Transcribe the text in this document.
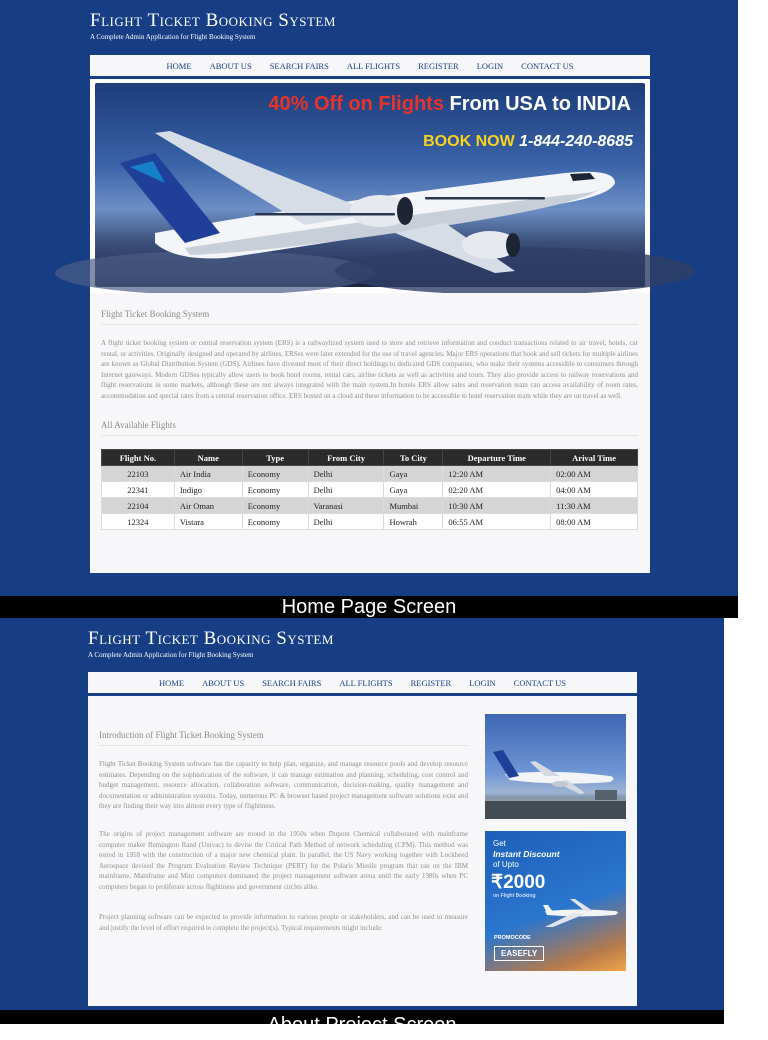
Flight Ticket Booking System
A Complete Admin Application for Flight Booking System
HOME ABOUT US SEARCH FAIRS ALL FLIGHTS REGISTER LOGIN CONTACT US
40% Off on Flights From USA to INDIA
BOOK NOW 1-844-240-8685
Flight Ticket Booking System
A flight ticket booking system or central reservation system (ERS) is a railwaylized system used to store and retrieve information and conduct transactions related to air travel, hotels, car rental, or activities. Originally designed and operated by airlines, ERSes were later extended for the use of travel agencies. Major ERS operations that book and sell tickets for multiple airlines are known as Global Distribution System (GDS). Airlines have divested most of their direct holdings to dedicated GDS companies, who make their systems accessible to consumers through Internet gateways. Modern GDSes typically allow users to book hotel rooms, rental cars, airline tickets as well as activities and tours. They also provide access to railway reservations and flight reservations in some markets, although these are not always integrated with the main system.In hotels ERS allow sales and reservation team can access availability of room rates, accommodation and special rates from a central reservation office. ERS hosted on a cloud aid these information to be accessible to hotel reservation team while they are on travel as well.
All Available Flights
Flight No.	Name	Type	From City	To City	Departure Time	Arival Time
22103	Air India	Economy	Delhi	Gaya	12:20 AM	02:00 AM
22341	Indigo	Economy	Delhi	Gaya	02:20 AM	04:00 AM
22104	Air Oman	Economy	Varanasi	Mumbai	10:30 AM	11:30 AM
12324	Vistara	Economy	Delhi	Howrah	06:55 AM	08:00 AM
Home Page Screen
Flight Ticket Booking System
A Complete Admin Application for Flight Booking System
HOME ABOUT US SEARCH FAIRS ALL FLIGHTS REGISTER LOGIN CONTACT US
Introduction of Flight Ticket Booking System
Flight Ticket Booking System software has the capacity to help plan, organize, and manage resource pools and develop resource estimates. Depending on the sophistication of the software, it can manage estimation and planning, scheduling, cost control and budget management, resource allocation, collaboration software, communication, decision-making, quality management and documentation or administration systems. Today, numerous PC & browser based project management software solutions exist and they are finding their way into almost every type of flightiness.
The origins of project management software are rooted in the 1950s when Dupont Chemical collaborated with mainframe computer maker Remington Rand (Univac) to devise the Critical Path Method of network scheduling (CPM). This method was tested in 1958 with the construction of a major new chemical plant. In parallel, the US Navy working together with Lockheed Aerospace devised the Program Evaluation Review Technique (PERT) for the Polaris Missile program that ran on the IBM mainframe. Mainframe and Mini computers dominated the project management software arena until the early 1980s when PC computers began to proliferate across flightiness and government circles alike.
Project planning software can be expected to provide information to various people or stakeholders, and can be used to measure and justify the level of effort required to complete the project(s). Typical requirements might include:
Get
Instant Discount
of Upto
₹2000
on Flight Booking
PROMOCODE
EASEFLY
About Project Screen
